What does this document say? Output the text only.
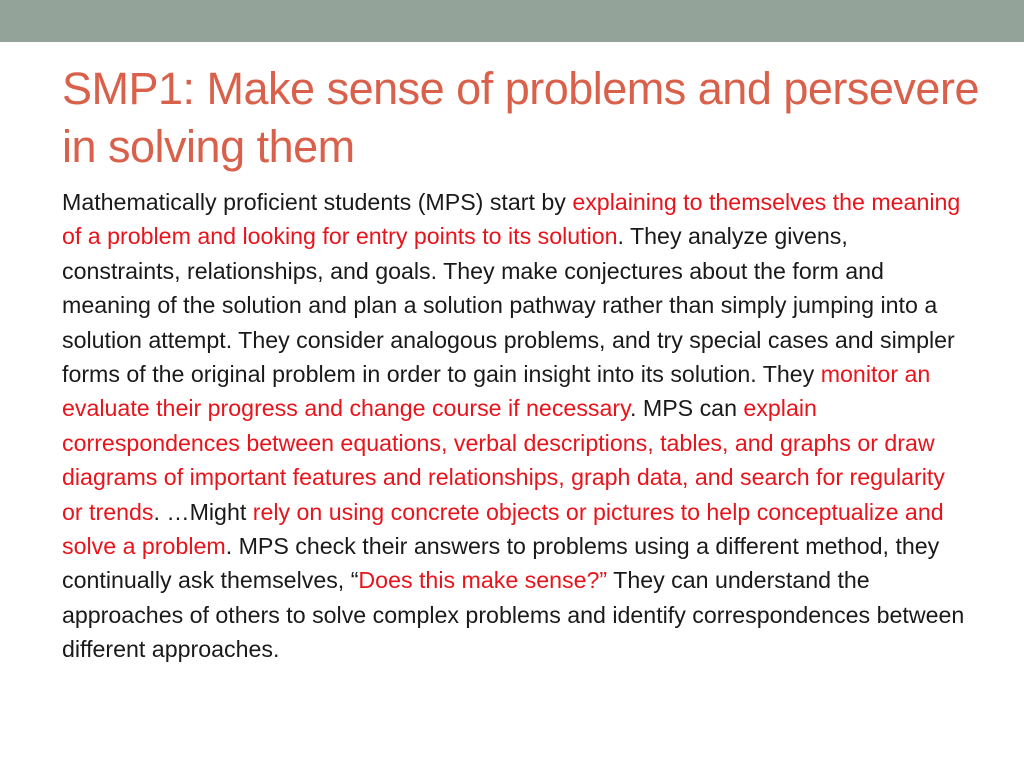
SMP1: Make sense of problems and persevere in solving them

Mathematically proficient students (MPS) start by explaining to themselves the meaning of a problem and looking for entry points to its solution. They analyze givens, constraints, relationships, and goals. They make conjectures about the form and meaning of the solution and plan a solution pathway rather than simply jumping into a solution attempt. They consider analogous problems, and try special cases and simpler forms of the original problem in order to gain insight into its solution. They monitor an evaluate their progress and change course if necessary. MPS can explain correspondences between equations, verbal descriptions, tables, and graphs or draw diagrams of important features and relationships, graph data, and search for regularity or trends. …Might rely on using concrete objects or pictures to help conceptualize and solve a problem. MPS check their answers to problems using a different method, they continually ask themselves, “Does this make sense?” They can understand the approaches of others to solve complex problems and identify correspondences between different approaches.
